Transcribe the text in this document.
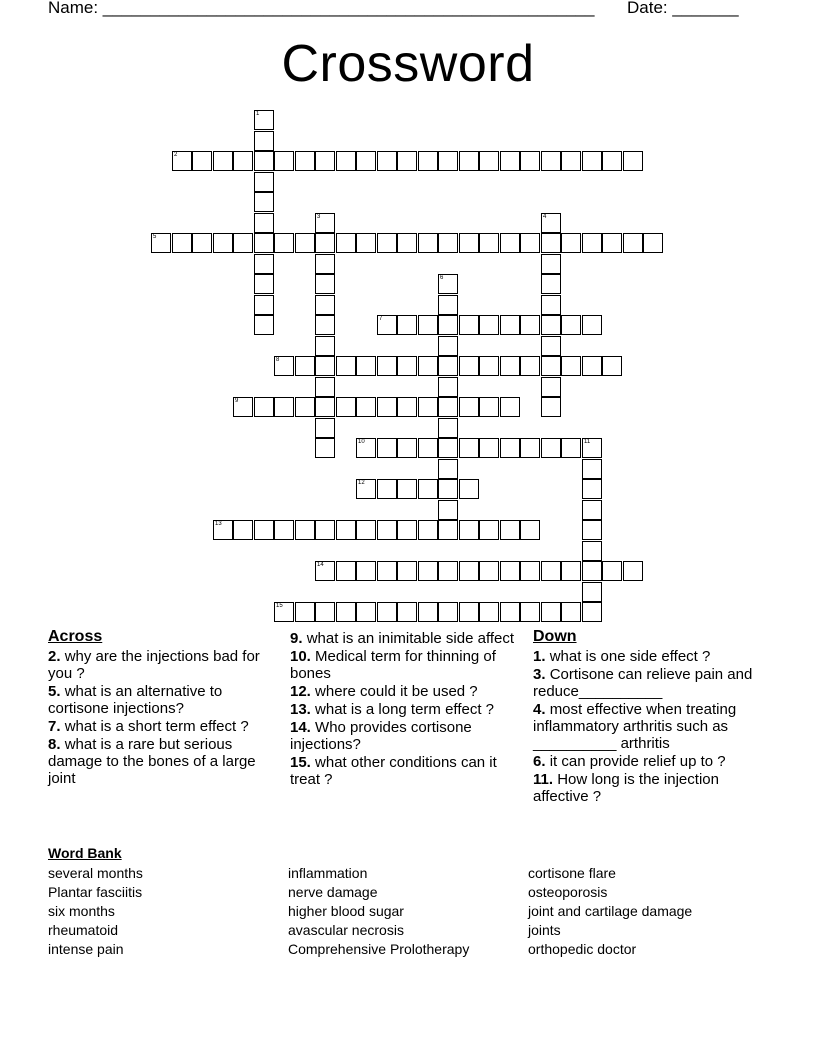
Name: ____________________________________________________ Date: _______
Crossword
1
2
3	4
5
6
7
8
9
10	11
12
13
14
15
Across
2. why are the injections bad for you ?
5. what is an alternative to cortisone injections?
7. what is a short term effect ?
8. what is a rare but serious damage to the bones of a large joint
9. what is an inimitable side affect
10. Medical term for thinning of bones
12. where could it be used ?
13. what is a long term effect ?
14. Who provides cortisone injections?
15. what other conditions can it treat ?
Down
1. what is one side effect ?
3. Cortisone can relieve pain and reduce__________
4. most effective when treating inflammatory arthritis such as __________ arthritis
6. it can provide relief up to ?
11. How long is the injection affective ?
Word Bank
several months
Plantar fasciitis
six months
rheumatoid
intense pain
inflammation
nerve damage
higher blood sugar
avascular necrosis
Comprehensive Prolotherapy
cortisone flare
osteoporosis
joint and cartilage damage
joints
orthopedic doctor
